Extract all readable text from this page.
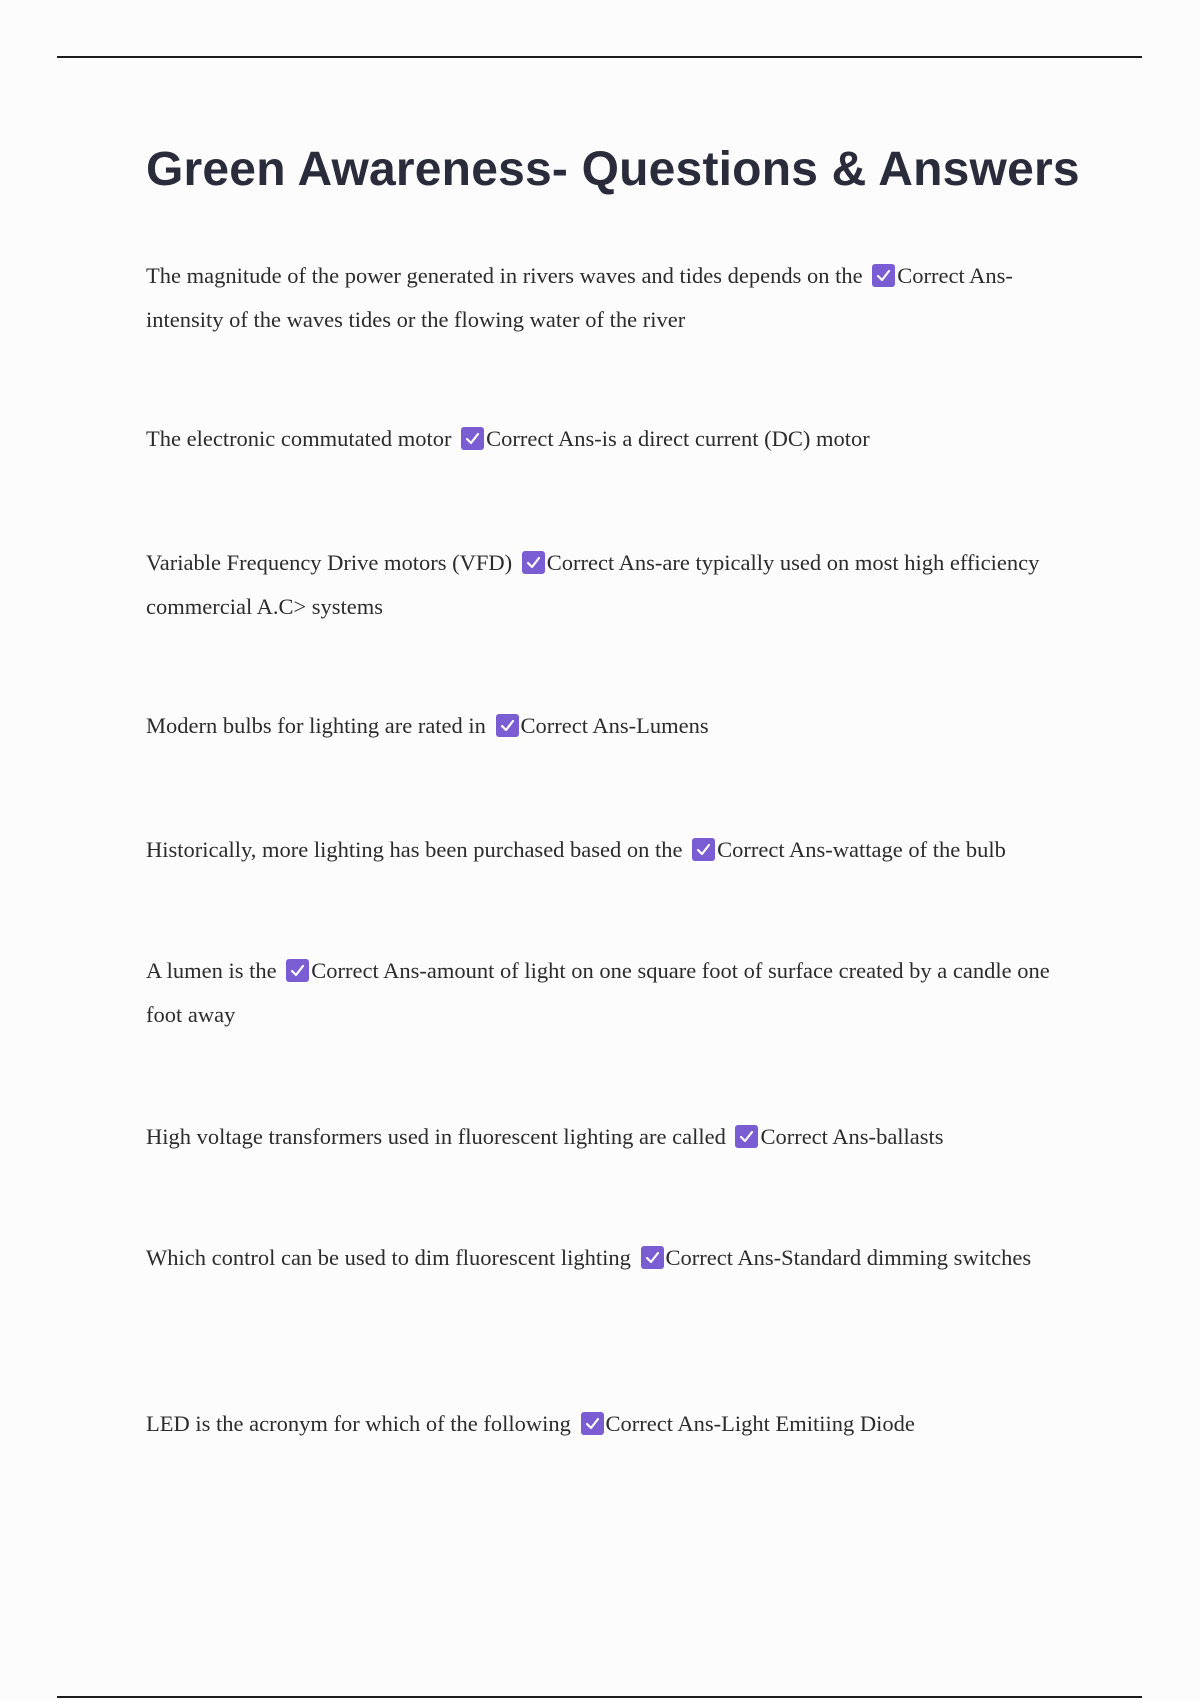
Green Awareness- Questions & Answers

The magnitude of the power generated in rivers waves and tides depends on the Correct Ans-intensity of the waves tides or the flowing water of the river

The electronic commutated motor Correct Ans-is a direct current (DC) motor

Variable Frequency Drive motors (VFD) Correct Ans-are typically used on most high efficiency commercial A.C> systems

Modern bulbs for lighting are rated in Correct Ans-Lumens

Historically, more lighting has been purchased based on the Correct Ans-wattage of the bulb

A lumen is the Correct Ans-amount of light on one square foot of surface created by a candle one foot away

High voltage transformers used in fluorescent lighting are called Correct Ans-ballasts

Which control can be used to dim fluorescent lighting Correct Ans-Standard dimming switches

LED is the acronym for which of the following Correct Ans-Light Emitiing Diode
